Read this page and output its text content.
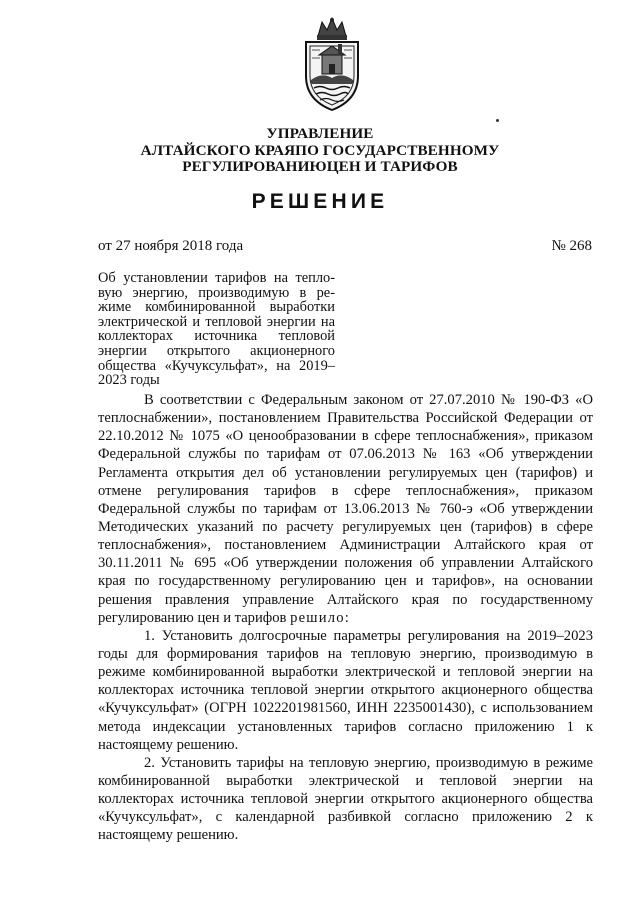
УПРАВЛЕНИЕ
АЛТАЙСКОГО КРАЯПО ГОСУДАРСТВЕННОМУ
РЕГУЛИРОВАНИЮЦЕН И ТАРИФОВ
РЕШЕНИЕ
от 27 ноября 2018 года	№ 268
Об установлении тарифов на тепло-
вую энергию, производимую в ре-
жиме комбинированной выработки
электрической и тепловой энергии на
коллекторах источника тепловой
энергии открытого акционерного
общества «Кучуксульфат», на 2019–
2023 годы
В соответствии с Федеральным законом от 27.07.2010 № 190-ФЗ «О
теплоснабжении», постановлением Правительства Российской Федерации от
22.10.2012 № 1075 «О ценообразовании в сфере теплоснабжения», приказом
Федеральной службы по тарифам от 07.06.2013 № 163 «Об утверждении
Регламента открытия дел об установлении регулируемых цен (тарифов) и
отмене регулирования тарифов в сфере теплоснабжения», приказом
Федеральной службы по тарифам от 13.06.2013 № 760-э «Об утверждении
Методических указаний по расчету регулируемых цен (тарифов) в сфере
теплоснабжения», постановлением Администрации Алтайского края от
30.11.2011 № 695 «Об утверждении положения об управлении Алтайского
края по государственному регулированию цен и тарифов», на основании
решения правления управление Алтайского края по государственному
регулированию цен и тарифов решило:
1. Установить долгосрочные параметры регулирования на 2019–2023
годы для формирования тарифов на тепловую энергию, производимую в
режиме комбинированной выработки электрической и тепловой энергии на
коллекторах источника тепловой энергии открытого акционерного общества
«Кучуксульфат» (ОГРН 1022201981560, ИНН 2235001430), с использованием
метода индексации установленных тарифов согласно приложению 1 к
настоящему решению.
2. Установить тарифы на тепловую энергию, производимую в режиме
комбинированной выработки электрической и тепловой энергии на
коллекторах источника тепловой энергии открытого акционерного общества
«Кучуксульфат», с календарной разбивкой согласно приложению 2 к
настоящему решению.
